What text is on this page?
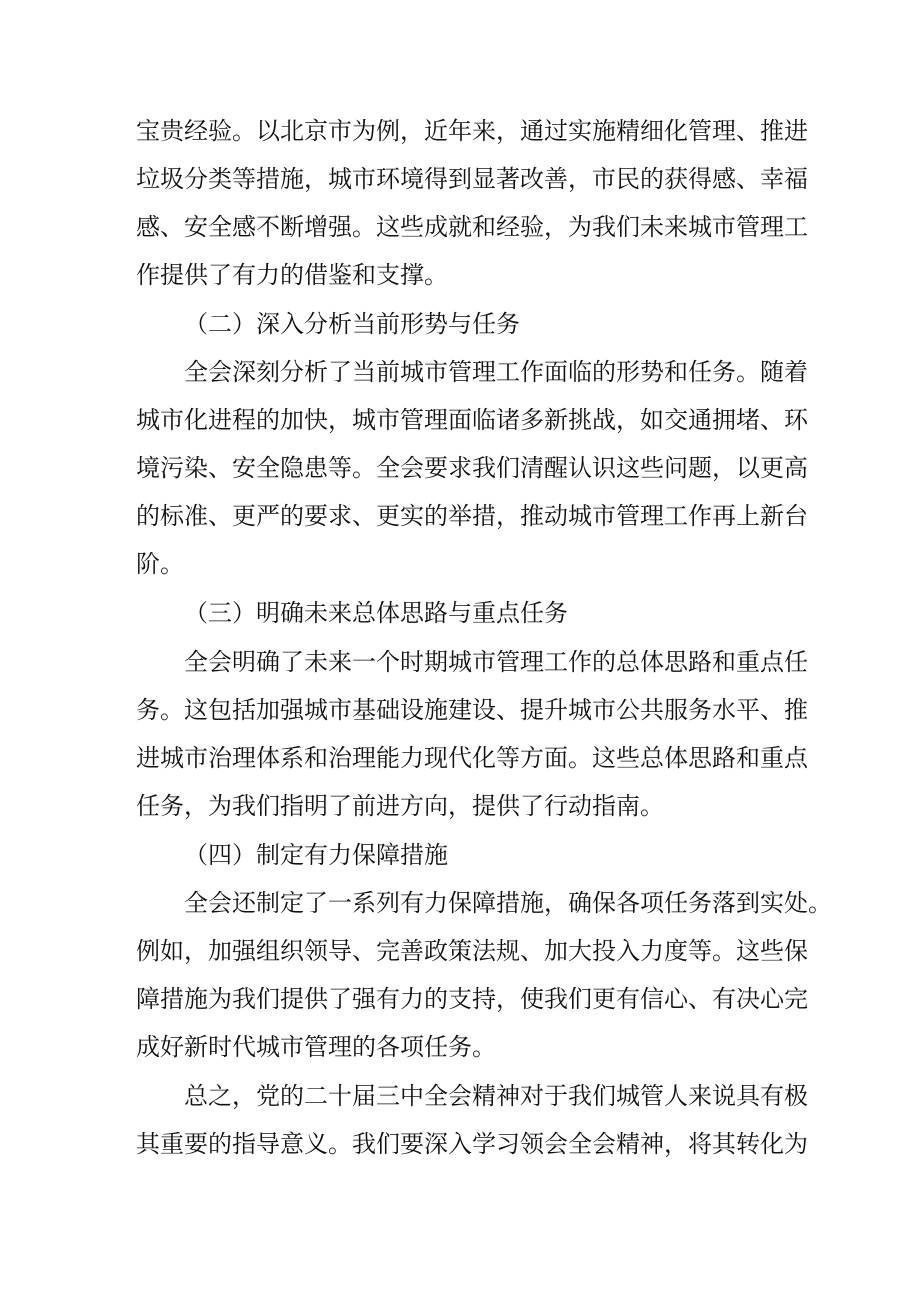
宝贵经验。以北京市为例，近年来，通过实施精细化管理、推进

垃圾分类等措施，城市环境得到显著改善，市民的获得感、幸福

感、安全感不断增强。这些成就和经验，为我们未来城市管理工

作提供了有力的借鉴和支撑。

（二）深入分析当前形势与任务

全会深刻分析了当前城市管理工作面临的形势和任务。随着

城市化进程的加快，城市管理面临诸多新挑战，如交通拥堵、环

境污染、安全隐患等。全会要求我们清醒认识这些问题，以更高

的标准、更严的要求、更实的举措，推动城市管理工作再上新台

阶。

（三）明确未来总体思路与重点任务

全会明确了未来一个时期城市管理工作的总体思路和重点任

务。这包括加强城市基础设施建设、提升城市公共服务水平、推

进城市治理体系和治理能力现代化等方面。这些总体思路和重点

任务，为我们指明了前进方向，提供了行动指南。

（四）制定有力保障措施

全会还制定了一系列有力保障措施，确保各项任务落到实处。

例如，加强组织领导、完善政策法规、加大投入力度等。这些保

障措施为我们提供了强有力的支持，使我们更有信心、有决心完

成好新时代城市管理的各项任务。

总之，党的二十届三中全会精神对于我们城管人来说具有极

其重要的指导意义。我们要深入学习领会全会精神，将其转化为
